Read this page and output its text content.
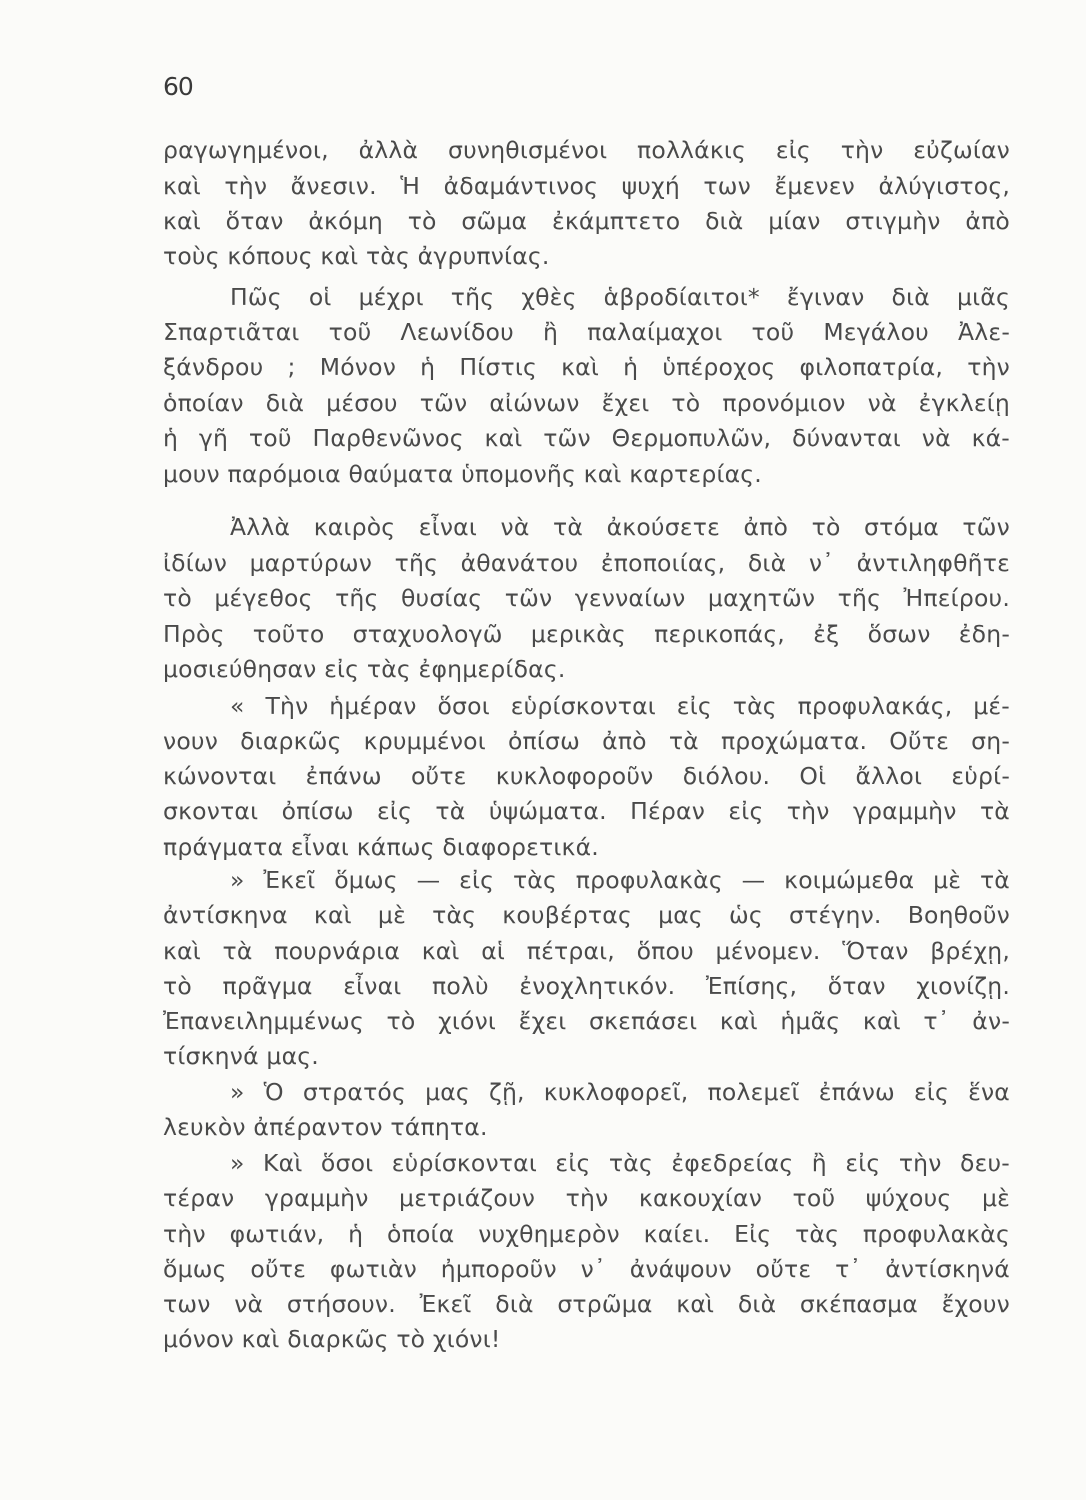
60
ραγωγημένοι, ἀλλὰ συνηθισμένοι πολλάκις εἰς τὴν εὐζωίαν
καὶ τὴν ἄνεσιν. Ἡ ἀδαμάντινος ψυχή των ἔμενεν ἀλύγιστος,
καὶ ὅταν ἀκόμη τὸ σῶμα ἐκάμπτετο διὰ μίαν στιγμὴν ἀπὸ
τοὺς κόπους καὶ τὰς ἀγρυπνίας.
Πῶς οἱ μέχρι τῆς χθὲς ἁβροδίαιτοι* ἔγιναν διὰ μιᾶς
Σπαρτιᾶται τοῦ Λεωνίδου ἢ παλαίμαχοι τοῦ Μεγάλου Ἀλε-
ξάνδρου ; Μόνον ἡ Πίστις καὶ ἡ ὑπέροχος φιλοπατρία, τὴν
ὁποίαν διὰ μέσου τῶν αἰώνων ἔχει τὸ προνόμιον νὰ ἐγκλείῃ
ἡ γῆ τοῦ Παρθενῶνος καὶ τῶν Θερμοπυλῶν, δύνανται νὰ κά-
μουν παρόμοια θαύματα ὑπομονῆς καὶ καρτερίας.
Ἀλλὰ καιρὸς εἶναι νὰ τὰ ἀκούσετε ἀπὸ τὸ στόμα τῶν
ἰδίων μαρτύρων τῆς ἀθανάτου ἐποποιίας, διὰ ν᾽ ἀντιληφθῆτε
τὸ μέγεθος τῆς θυσίας τῶν γενναίων μαχητῶν τῆς Ἠπείρου.
Πρὸς τοῦτο σταχυολογῶ μερικὰς περικοπάς, ἐξ ὅσων ἐδη-
μοσιεύθησαν εἰς τὰς ἐφημερίδας.
« Τὴν ἡμέραν ὅσοι εὑρίσκονται εἰς τὰς προφυλακάς, μέ-
νουν διαρκῶς κρυμμένοι ὀπίσω ἀπὸ τὰ προχώματα. Οὔτε ση-
κώνονται ἐπάνω οὔτε κυκλοφοροῦν διόλου. Οἱ ἄλλοι εὑρί-
σκονται ὀπίσω εἰς τὰ ὑψώματα. Πέραν εἰς τὴν γραμμὴν τὰ
πράγματα εἶναι κάπως διαφορετικά.
» Ἐκεῖ ὅμως — εἰς τὰς προφυλακὰς — κοιμώμεθα μὲ τὰ
ἀντίσκηνα καὶ μὲ τὰς κουβέρτας μας ὡς στέγην. Βοηθοῦν
καὶ τὰ πουρνάρια καὶ αἱ πέτραι, ὅπου μένομεν. Ὅταν βρέχῃ,
τὸ πρᾶγμα εἶναι πολὺ ἐνοχλητικόν. Ἐπίσης, ὅταν χιονίζῃ.
Ἐπανειλημμένως τὸ χιόνι ἔχει σκεπάσει καὶ ἡμᾶς καὶ τ᾽ ἀν-
τίσκηνά μας.
» Ὁ στρατός μας ζῇ, κυκλοφορεῖ, πολεμεῖ ἐπάνω εἰς ἕνα
λευκὸν ἀπέραντον τάπητα.
» Καὶ ὅσοι εὑρίσκονται εἰς τὰς ἐφεδρείας ἢ εἰς τὴν δευ-
τέραν γραμμὴν μετριάζουν τὴν κακουχίαν τοῦ ψύχους μὲ
τὴν φωτιάν, ἡ ὁποία νυχθημερὸν καίει. Εἰς τὰς προφυλακὰς
ὅμως οὔτε φωτιὰν ἠμποροῦν ν᾽ ἀνάψουν οὔτε τ᾽ ἀντίσκηνά
των νὰ στήσουν. Ἐκεῖ διὰ στρῶμα καὶ διὰ σκέπασμα ἔχουν
μόνον καὶ διαρκῶς τὸ χιόνι!
